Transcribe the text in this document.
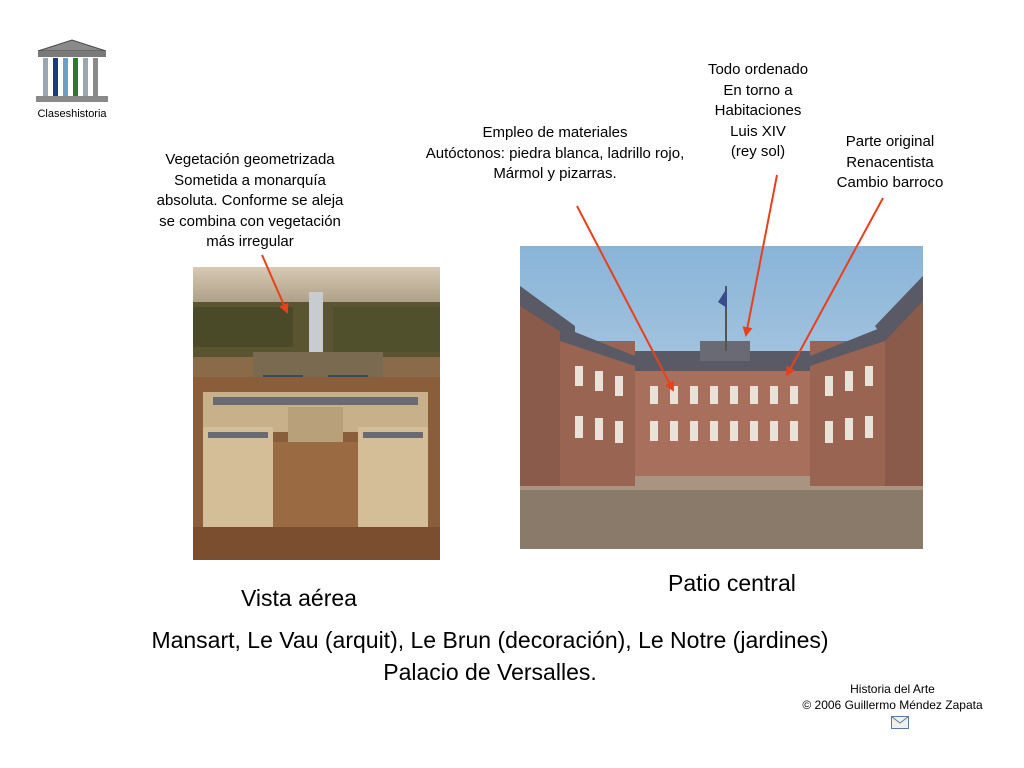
Claseshistoria
Vegetación geometrizada
Sometida a monarquía
absoluta. Conforme se aleja
se combina con vegetación
más irregular
Empleo de materiales
Autóctonos: piedra blanca, ladrillo rojo,
Mármol y pizarras.
Todo ordenado
En torno a
Habitaciones
Luis XIV
(rey sol)
Parte original
Renacentista
Cambio barroco
Vista aérea
Patio central
Mansart, Le Vau (arquit), Le Brun (decoración), Le Notre (jardines)
Palacio de Versalles.
Historia del Arte
© 2006 Guillermo Méndez Zapata
